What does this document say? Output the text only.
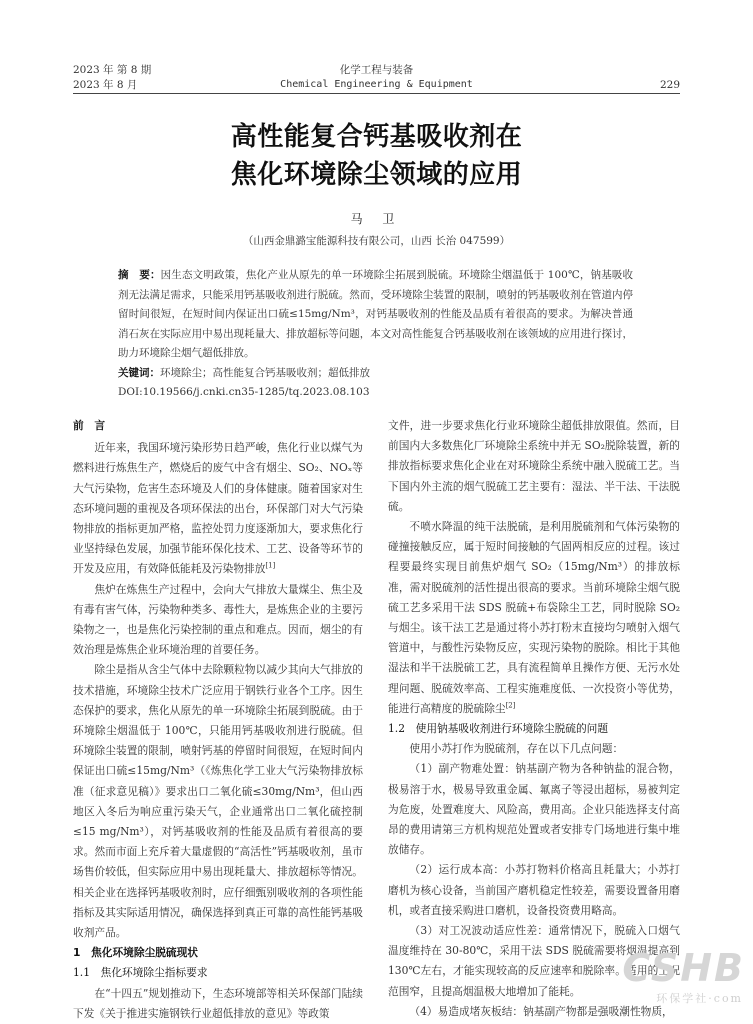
2023 年 第 8 期
2023 年 8 月
化学工程与装备
Chemical Engineering & Equipment	229
高性能复合钙基吸收剂在
焦化环境除尘领域的应用
马 卫
（山西金鼎潞宝能源科技有限公司，山西 长治 047599）
摘　要：因生态文明政策，焦化产业从原先的单一环境除尘拓展到脱硫。环境除尘烟温低于 100℃，钠基吸收剂无法满足需求，只能采用钙基吸收剂进行脱硫。然而，受环境除尘装置的限制，喷射的钙基吸收剂在管道内停留时间很短，在短时间内保证出口硫≤15mg/Nm³，对钙基吸收剂的性能及品质有着很高的要求。为解决普通消石灰在实际应用中易出现耗量大、排放超标等问题，本文对高性能复合钙基吸收剂在该领域的应用进行探讨，助力环境除尘烟气超低排放。
关键词：环境除尘；高性能复合钙基吸收剂；超低排放
DOI:10.19566/j.cnki.cn35-1285/tq.2023.08.103

前　言

近年来，我国环境污染形势日趋严峻，焦化行业以煤气为燃料进行炼焦生产，燃烧后的废气中含有烟尘、SO₂、NOₓ等大气污染物，危害生态环境及人们的身体健康。随着国家对生态环境问题的重视及各项环保法的出台，环保部门对大气污染物排放的指标更加严格，监控处罚力度逐渐加大，要求焦化行业坚持绿色发展，加强节能环保化技术、工艺、设备等环节的开发及应用，有效降低能耗及污染物排放[1]

焦炉在炼焦生产过程中，会向大气排放大量煤尘、焦尘及有毒有害气体，污染物种类多、毒性大，是炼焦企业的主要污染物之一，也是焦化污染控制的重点和难点。因而，烟尘的有效治理是炼焦企业环境治理的首要任务。

除尘是指从含尘气体中去除颗粒物以减少其向大气排放的技术措施，环境除尘技术广泛应用于钢铁行业各个工序。因生态保护的要求，焦化从原先的单一环境除尘拓展到脱硫。由于环境除尘烟温低于 100℃，只能用钙基吸收剂进行脱硫。但环境除尘装置的限制，喷射钙基的停留时间很短，在短时间内保证出口硫≤15mg/Nm³（《炼焦化学工业大气污染物排放标准（征求意见稿）》要求出口二氧化硫≤30mg/Nm³，但山西地区入冬后为响应重污染天气，企业通常出口二氧化硫控制≤15 mg/Nm³），对钙基吸收剂的性能及品质有着很高的要求。然而市面上充斥着大量虚假的“高活性”钙基吸收剂，虽市场售价较低，但实际应用中易出现耗量大、排放超标等情况。相关企业在选择钙基吸收剂时，应仔细甄别吸收剂的各项性能指标及其实际适用情况，确保选择到真正可靠的高性能钙基吸收剂产品。

1　焦化环境除尘脱硫现状

1.1　焦化环境除尘指标要求

在“十四五”规划推动下，生态环境部等相关环保部门陆续下发《关于推进实施钢铁行业超低排放的意见》等政策

文件，进一步要求焦化行业环境除尘超低排放限值。然而，目前国内大多数焦化厂环境除尘系统中并无 SO₂脱除装置，新的排放指标要求焦化企业在对环境除尘系统中融入脱硫工艺。当下国内外主流的烟气脱硫工艺主要有：湿法、半干法、干法脱硫。

不喷水降温的纯干法脱硫，是利用脱硫剂和气体污染物的碰撞接触反应，属于短时间接触的气固两相反应的过程。该过程要最终实现目前焦炉烟气 SO₂（15mg/Nm³）的排放标准，需对脱硫剂的活性提出很高的要求。当前环境除尘烟气脱硫工艺多采用干法 SDS 脱硫+布袋除尘工艺，同时脱除 SO₂与烟尘。该干法工艺是通过将小苏打粉末直接均匀喷射入烟气管道中，与酸性污染物反应，实现污染物的脱除。相比于其他湿法和半干法脱硫工艺，具有流程简单且操作方便、无污水处理问题、脱硫效率高、工程实施难度低、一次投资小等优势，能进行高精度的脱硫除尘[2]

1.2　使用钠基吸收剂进行环境除尘脱硫的问题

使用小苏打作为脱硫剂，存在以下几点问题：

（1）副产物难处置：钠基副产物为各种钠盐的混合物，极易溶于水，极易导致重金属、氟离子等浸出超标，易被判定为危废，处置难度大、风险高，费用高。企业只能选择支付高昂的费用请第三方机构规范处置或者安排专门场地进行集中堆放储存。

（2）运行成本高：小苏打物料价格高且耗量大；小苏打磨机为核心设备，当前国产磨机稳定性较差，需要设置备用磨机，或者直接采购进口磨机，设备投资费用略高。

（3）对工况波动适应性差：通常情况下，脱硫入口烟气温度维持在 30-80℃，采用干法 SDS 脱硫需要将烟温提高到 130℃左右，才能实现较高的反应速率和脱除率。适用的工况范围窄，且提高烟温极大地增加了能耗。

（4）易造成堵灰板结：钠基副产物都是强吸潮性物质，

CSHB
环保学社·com
